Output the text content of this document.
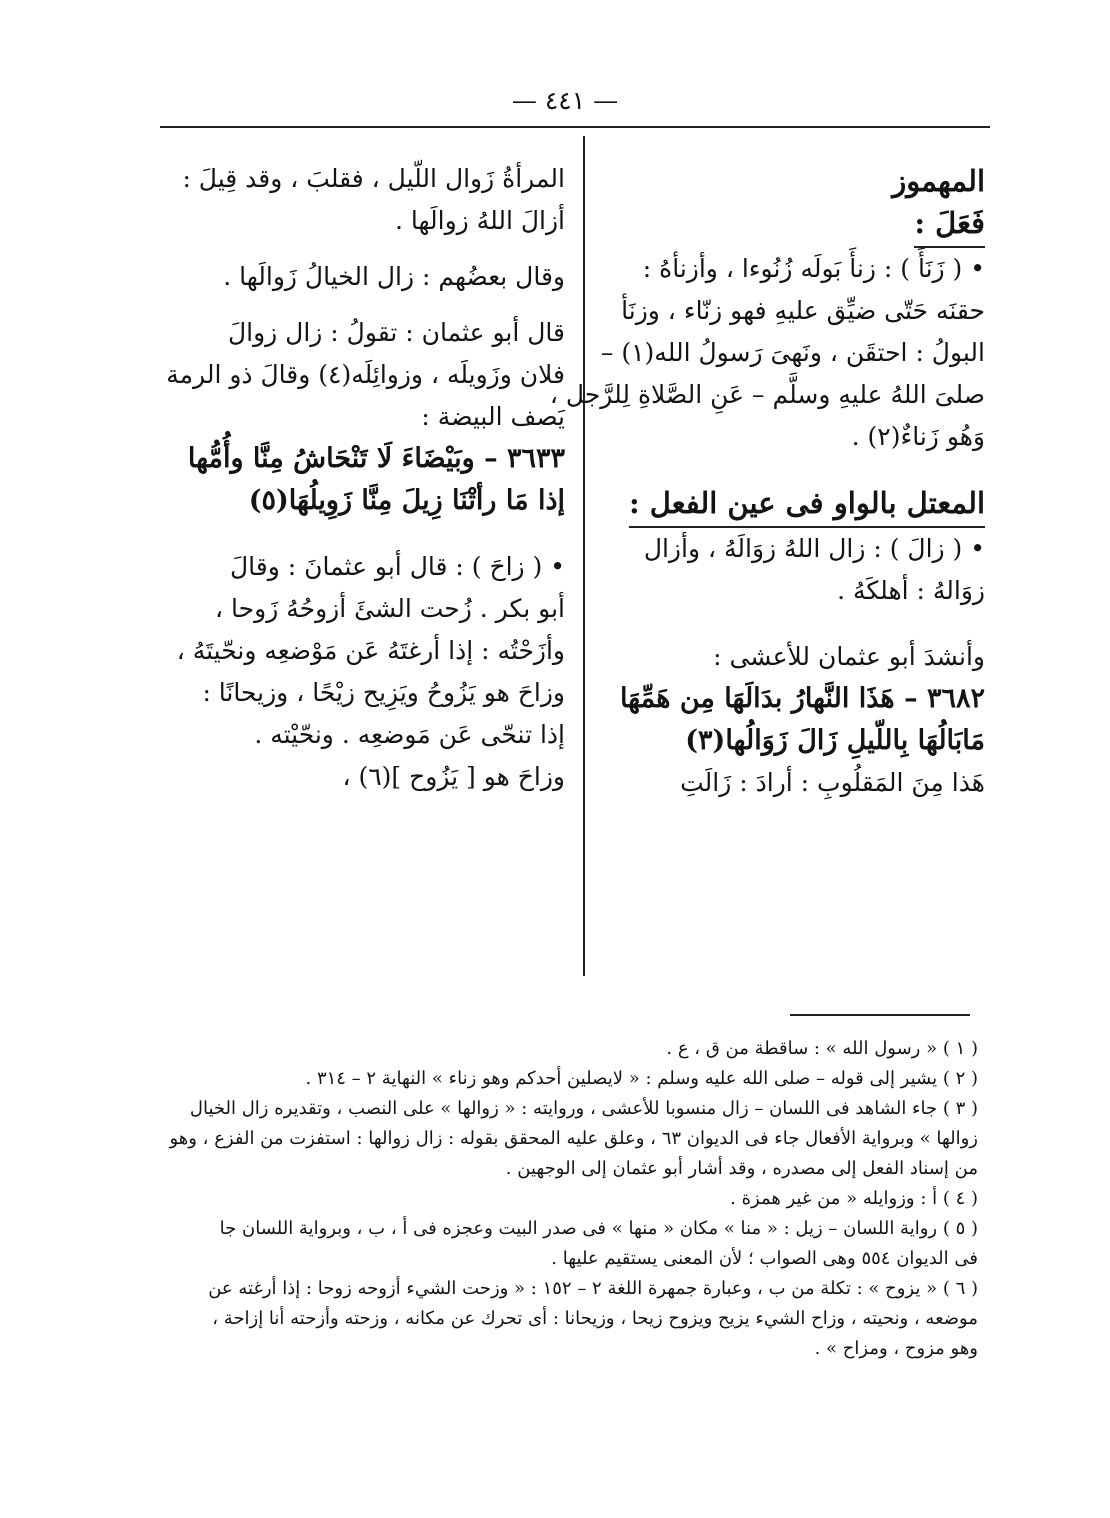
— ٤٤١ —

المهموز

فَعَلَ :

• ( زَنَأَ ) : زنأَ بَولَه زُنُوءا ، وأزنأهُ :

حقنَه حَتّى ضيِّق عليهِ فهو زنّاء ، وزنَأ

البولُ : احتقَن ، ونَهىَ رَسولُ الله(١) –

صلىَ اللهُ عليهِ وسلَّم – عَنِ الصَّلاةِ لِلرَّجل ،

وَهُو زَناءٌ(٢) .

المعتل بالواو فى عين الفعل :

• ( زالَ ) : زال اللهُ زوَالَهُ ، وأزال

زوَالهُ : أهلكَهُ .

وأنشدَ أبو عثمان للأعشى :

٣٦٨٢ – هَذَا النَّهارُ بدَالَهَا مِن هَمِّهَا

مَابَالُهَا بِاللّيلِ زَالَ زَوَالُها(٣)

هَذا مِنَ المَقلُوبِ : أرادَ : زَالَتِ

المرأةُ زَوال اللّيل ، فقلبَ ، وقد قِيلَ :

أزالَ اللهُ زوالَها .

وقال بعضُهم : زال الخيالُ زَوالَها .

قال أبو عثمان : تقولُ : زال زوالَ

فلان وزَويلَه ، وزوائِلَه(٤) وقالَ ذو الرمة

يَصف البيضة :

٣٦٣٣ – وبَيْضَاءَ لَا تَنْحَاشُ مِنَّا وأُمُّها

إذا مَا رأتْنَا زِيلَ مِنَّا زَوِيلُهَا(٥)

• ( زاحَ ) : قال أبو عثمانَ : وقالَ

أبو بكر . زُحت الشئَ أزوحُهُ زَوحا ،

وأزَحْتُه : إذا أرغتَهُ عَن مَوْضعِه ونحّيتَهُ ،

وزاحَ هو يَزُوحُ ويَزِيح زيْحًا ، وزيحانًا :

إذا تنحّى عَن مَوضعِه . ونحّيْته .

وزاحَ هو [ يَزُوح ](٦) ،

( ١ ) « رسول الله » : ساقطة من ق ، ع .

( ٢ ) يشير إلى قوله – صلى الله عليه وسلم : « لايصلين أحدكم وهو زناء » النهاية ٢ – ٣١٤ .

( ٣ ) جاء الشاهد فى اللسان – زال منسوبا للأعشى ، وروايته : « زوالها » على النصب ، وتقديره زال الخيال

زوالها » وبرواية الأفعال جاء فى الديوان ٦٣ ، وعلق عليه المحقق بقوله : زال زوالها : استفزت من الفزع ، وهو

من إسناد الفعل إلى مصدره ، وقد أشار أبو عثمان إلى الوجهين .

( ٤ ) أ : وزوايله « من غير همزة .

( ٥ ) رواية اللسان – زيل : « منا » مكان « منها » فى صدر البيت وعجزه فى أ ، ب ، وبرواية اللسان جا

فى الديوان ٥٥٤ وهى الصواب ؛ لأن المعنى يستقيم عليها .

( ٦ ) « يزوح » : تكلة من ب ، وعبارة جمهرة اللغة ٢ – ١٥٢ : « وزحت الشيء أزوحه زوحا : إذا أرغته عن

موضعه ، ونحيته ، وزاح الشيء يزيح ويزوح زيحا ، وزيحانا : أى تحرك عن مكانه ، وزحته وأزحته أنا إزاحة ،

وهو مزوح ، ومزاح » .
